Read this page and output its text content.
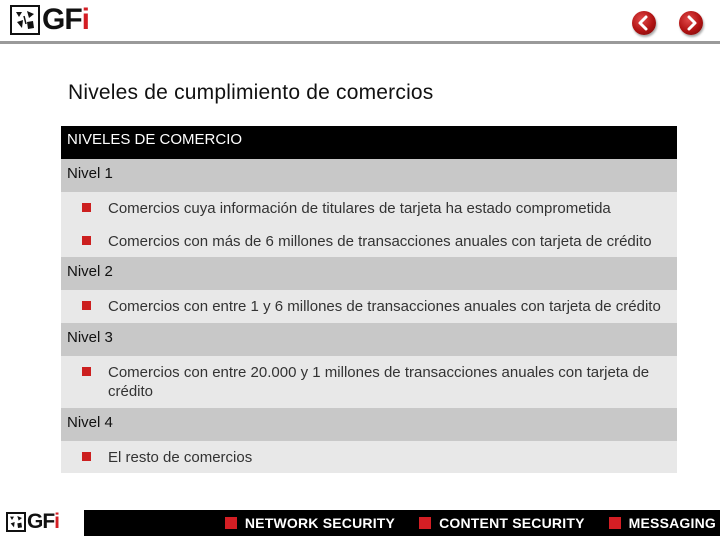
GFi
Niveles de cumplimiento de comercios
NIVELES DE COMERCIO
Nivel 1
Comercios cuya información de titulares de tarjeta ha estado comprometida
Comercios con más de 6 millones de transacciones anuales con tarjeta de crédito
Nivel 2
Comercios con entre 1 y 6 millones de transacciones anuales con tarjeta de crédito
Nivel 3
Comercios con entre 20.000 y 1 millones de transacciones anuales con tarjeta de crédito
Nivel 4
El resto de comercios
GFi	NETWORK SECURITY	CONTENT SECURITY	MESSAGING
